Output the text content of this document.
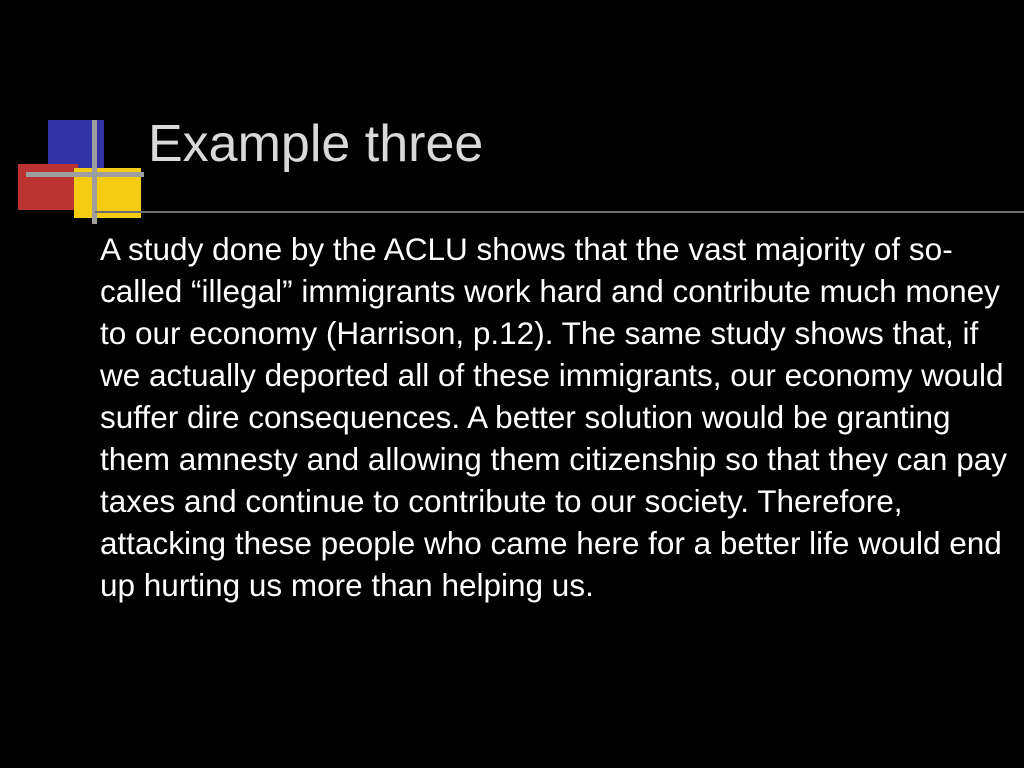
Example three
A study done by the ACLU shows that the vast majority of so-called “illegal” immigrants work hard and contribute much money to our economy (Harrison, p.12). The same study shows that, if we actually deported all of these immigrants, our economy would suffer dire consequences. A better solution would be granting them amnesty and allowing them citizenship so that they can pay taxes and continue to contribute to our society. Therefore, attacking these people who came here for a better life would end up hurting us more than helping us.
